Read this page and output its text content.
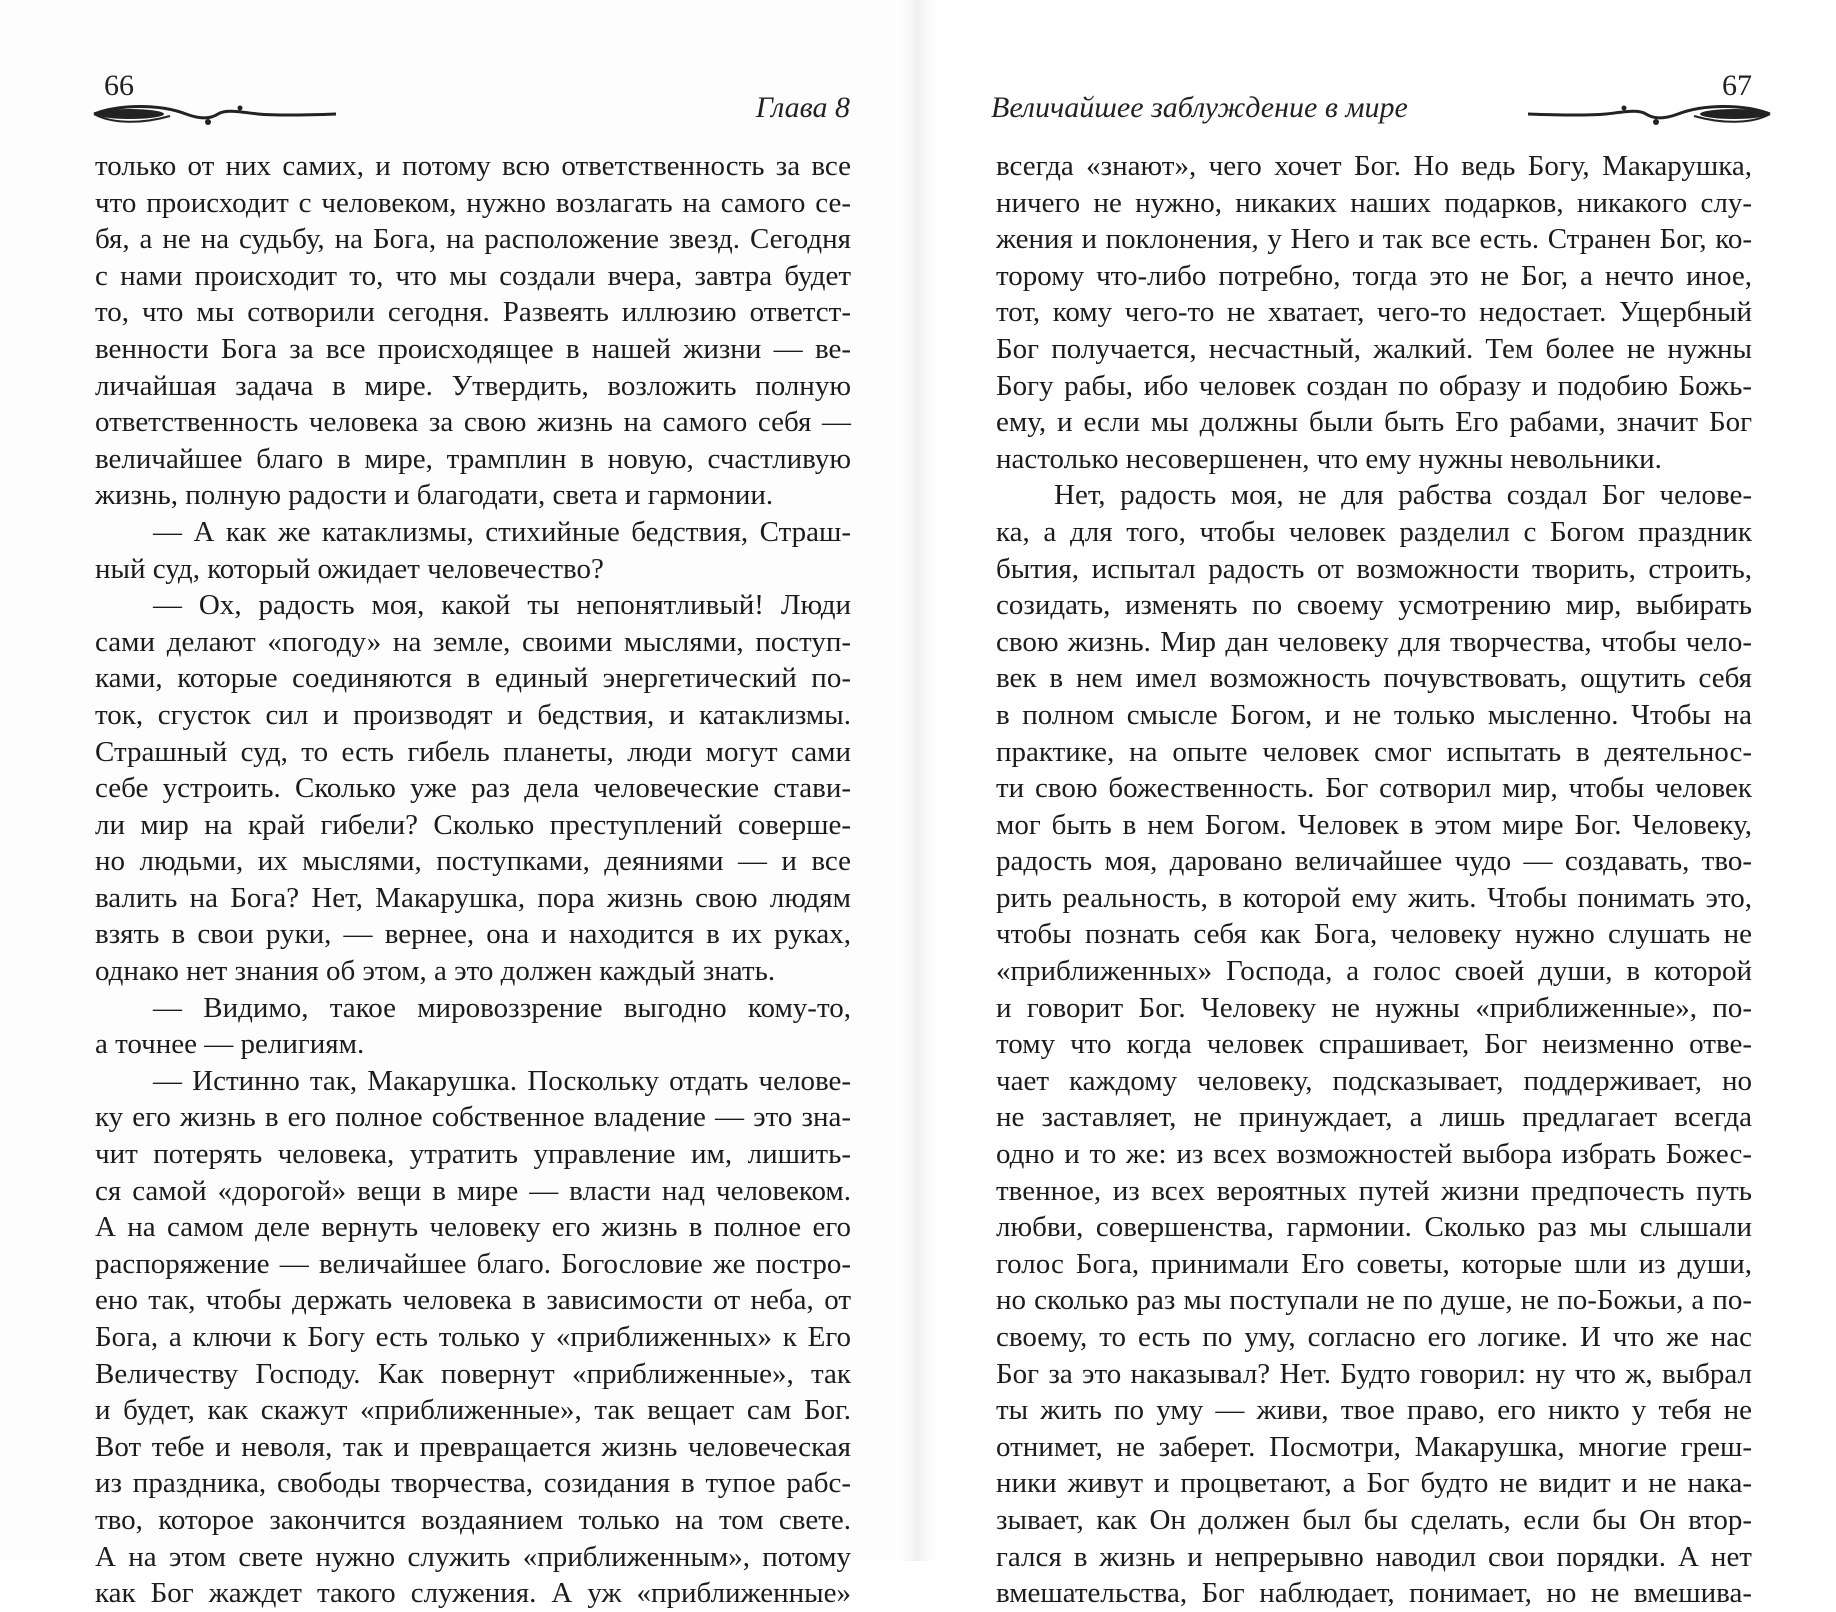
66
Глава 8
только от них самих, и потому всю ответственность за все
что происходит с человеком, нужно возлагать на самого се-
бя, а не на судьбу, на Бога, на расположение звезд. Сегодня
с нами происходит то, что мы создали вчера, завтра будет
то, что мы сотворили сегодня. Развеять иллюзию ответст-
венности Бога за все происходящее в нашей жизни — ве-
личайшая задача в мире. Утвердить, возложить полную
ответственность человека за свою жизнь на самого себя —
величайшее благо в мире, трамплин в новую, счастливую
жизнь, полную радости и благодати, света и гармонии.
— А как же катаклизмы, стихийные бедствия, Страш-
ный суд, который ожидает человечество?
— Ох, радость моя, какой ты непонятливый! Люди
сами делают «погоду» на земле, своими мыслями, поступ-
ками, которые соединяются в единый энергетический по-
ток, сгусток сил и производят и бедствия, и катаклизмы.
Страшный суд, то есть гибель планеты, люди могут сами
себе устроить. Сколько уже раз дела человеческие стави-
ли мир на край гибели? Сколько преступлений соверше-
но людьми, их мыслями, поступками, деяниями — и все
валить на Бога? Нет, Макарушка, пора жизнь свою людям
взять в свои руки, — вернее, она и находится в их руках,
однако нет знания об этом, а это должен каждый знать.
— Видимо, такое мировоззрение выгодно кому-то,
а точнее — религиям.
— Истинно так, Макарушка. Поскольку отдать челове-
ку его жизнь в его полное собственное владение — это зна-
чит потерять человека, утратить управление им, лишить-
ся самой «дорогой» вещи в мире — власти над человеком.
А на самом деле вернуть человеку его жизнь в полное его
распоряжение — величайшее благо. Богословие же постро-
ено так, чтобы держать человека в зависимости от неба, от
Бога, а ключи к Богу есть только у «приближенных» к Его
Величеству Господу. Как повернут «приближенные», так
и будет, как скажут «приближенные», так вещает сам Бог.
Вот тебе и неволя, так и превращается жизнь человеческая
из праздника, свободы творчества, созидания в тупое рабс-
тво, которое закончится воздаянием только на том свете.
А на этом свете нужно служить «приближенным», потому
как Бог жаждет такого служения. А уж «приближенные»
67
Величайшее заблуждение в мире
всегда «знают», чего хочет Бог. Но ведь Богу, Макарушка,
ничего не нужно, никаких наших подарков, никакого слу-
жения и поклонения, у Него и так все есть. Странен Бог, ко-
торому что-либо потребно, тогда это не Бог, а нечто иное,
тот, кому чего-то не хватает, чего-то недостает. Ущербный
Бог получается, несчастный, жалкий. Тем более не нужны
Богу рабы, ибо человек создан по образу и подобию Божь-
ему, и если мы должны были быть Его рабами, значит Бог
настолько несовершенен, что ему нужны невольники.
Нет, радость моя, не для рабства создал Бог челове-
ка, а для того, чтобы человек разделил с Богом праздник
бытия, испытал радость от возможности творить, строить,
созидать, изменять по своему усмотрению мир, выбирать
свою жизнь. Мир дан человеку для творчества, чтобы чело-
век в нем имел возможность почувствовать, ощутить себя
в полном смысле Богом, и не только мысленно. Чтобы на
практике, на опыте человек смог испытать в деятельнос-
ти свою божественность. Бог сотворил мир, чтобы человек
мог быть в нем Богом. Человек в этом мире Бог. Человеку,
радость моя, даровано величайшее чудо — создавать, тво-
рить реальность, в которой ему жить. Чтобы понимать это,
чтобы познать себя как Бога, человеку нужно слушать не
«приближенных» Господа, а голос своей души, в которой
и говорит Бог. Человеку не нужны «приближенные», по-
тому что когда человек спрашивает, Бог неизменно отве-
чает каждому человеку, подсказывает, поддерживает, но
не заставляет, не принуждает, а лишь предлагает всегда
одно и то же: из всех возможностей выбора избрать Божес-
твенное, из всех вероятных путей жизни предпочесть путь
любви, совершенства, гармонии. Сколько раз мы слышали
голос Бога, принимали Его советы, которые шли из души,
но сколько раз мы поступали не по душе, не по-Божьи, а по-
своему, то есть по уму, согласно его логике. И что же нас
Бог за это наказывал? Нет. Будто говорил: ну что ж, выбрал
ты жить по уму — живи, твое право, его никто у тебя не
отнимет, не заберет. Посмотри, Макарушка, многие греш-
ники живут и процветают, а Бог будто не видит и не нака-
зывает, как Он должен был бы сделать, если бы Он втор-
гался в жизнь и непрерывно наводил свои порядки. А нет
вмешательства, Бог наблюдает, понимает, но не вмешива-
